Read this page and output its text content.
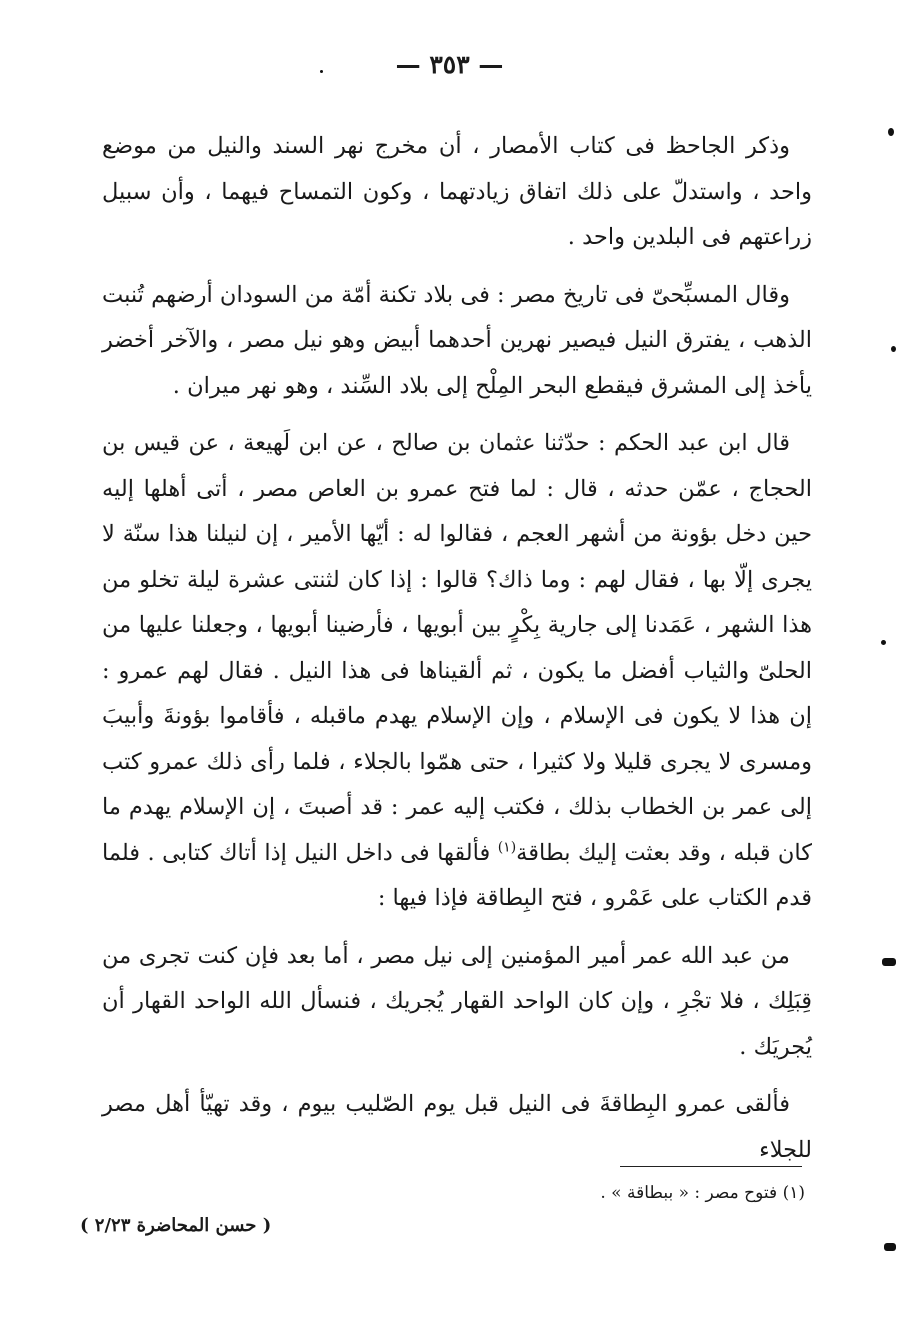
— ٣٥٣ —

وذكر الجاحظ فى كتاب الأمصار ، أن مخرج نهر السند والنيل من موضع واحد ، واستدلّ على ذلك اتفاق زيادتهما ، وكون التمساح فيهما ، وأن سبيل زراعتهم فى البلدين واحد .

وقال المسبِّحىّ فى تاريخ مصر : فى بلاد تكنة أمّة من السودان أرضهم تُنبت الذهب ، يفترق النيل فيصير نهرين أحدهما أبيض وهو نيل مصر ، والآخر أخضر يأخذ إلى المشرق فيقطع البحر المِلْح إلى بلاد السِّند ، وهو نهر ميران .

قال ابن عبد الحكم : حدّثنا عثمان بن صالح ، عن ابن لَهيعة ، عن قيس بن الحجاج ، عمّن حدثه ، قال : لما فتح عمرو بن العاص مصر ، أتى أهلها إليه حين دخل بؤونة من أشهر العجم ، فقالوا له : أيّها الأمير ، إن لنيلنا هذا سنّة لا يجرى إلّا بها ، فقال لهم : وما ذاك؟ قالوا : إذا كان لثنتى عشرة ليلة تخلو من هذا الشهر ، عَمَدنا إلى جارية بِكْرٍ بين أبويها ، فأرضينا أبويها ، وجعلنا عليها من الحلىّ والثياب أفضل ما يكون ، ثم ألقيناها فى هذا النيل . فقال لهم عمرو : إن هذا لا يكون فى الإسلام ، وإن الإسلام يهدم ماقبله ، فأقاموا بؤونةَ وأبيبَ ومسرى لا يجرى قليلا ولا كثيرا ، حتى همّوا بالجلاء ، فلما رأى ذلك عمرو كتب إلى عمر بن الخطاب بذلك ، فكتب إليه عمر : قد أصبتَ ، إن الإسلام يهدم ما كان قبله ، وقد بعثت إليك بطاقة$^{(١)}$ فألقها فى داخل النيل إذا أتاك كتابى . فلما قدم الكتاب على عَمْرو ، فتح البِطاقة فإذا فيها :

من عبد الله عمر أمير المؤمنين إلى نيل مصر ، أما بعد فإن كنت تجرى من قِبَلِك ، فلا تجْرِ ، وإن كان الواحد القهار يُجريك ، فنسأل الله الواحد القهار أن يُجريَك .

فألقى عمرو البِطاقةَ فى النيل قبل يوم الصّليب بيوم ، وقد تهيّأ أهل مصر للجلاء

(١) فتوح مصر : « ببطاقة » .
( حسن المحاضرة ٢/٢٣ )
